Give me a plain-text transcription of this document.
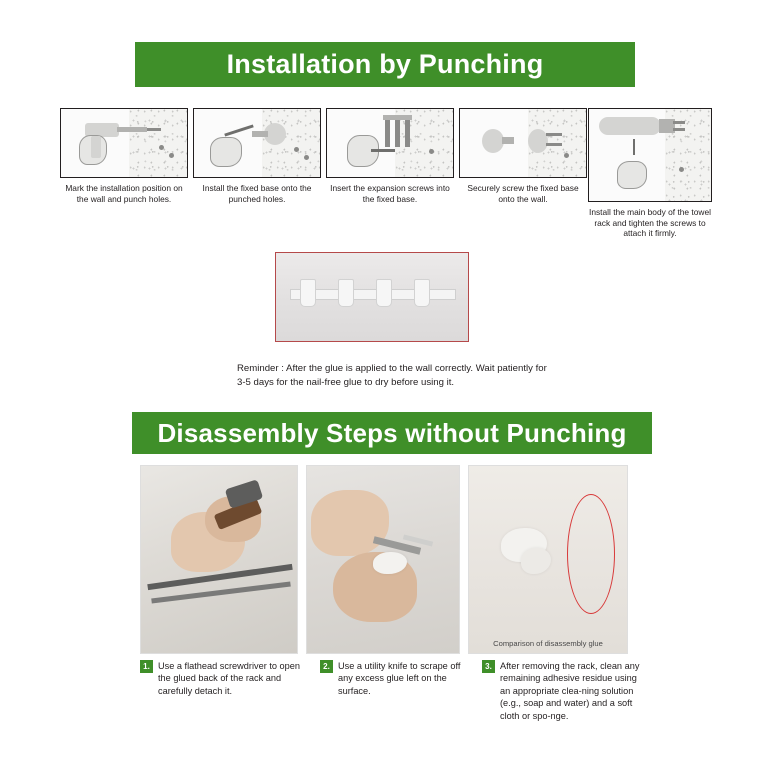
Installation by Punching
Mark the installation position on the wall and punch holes.
Install the fixed base onto the punched holes.
Insert the expansion screws into the fixed base.
Securely screw the fixed base onto the wall.
Install the main body of the towel rack and tighten the screws to attach it firmly.
Reminder : After the glue is applied to the wall correctly. Wait patiently for 3-5 days for the nail-free glue to dry before using it.
Disassembly Steps without Punching
Comparison of disassembly glue
1. Use a flathead screwdriver to open the glued back of the rack and carefully detach it.
2. Use a utility knife to scrape off any excess glue left on the surface.
3. After removing the rack, clean any remaining adhesive residue using an appropriate clea-ning solution (e.g., soap and water) and a soft cloth or spo-nge.
